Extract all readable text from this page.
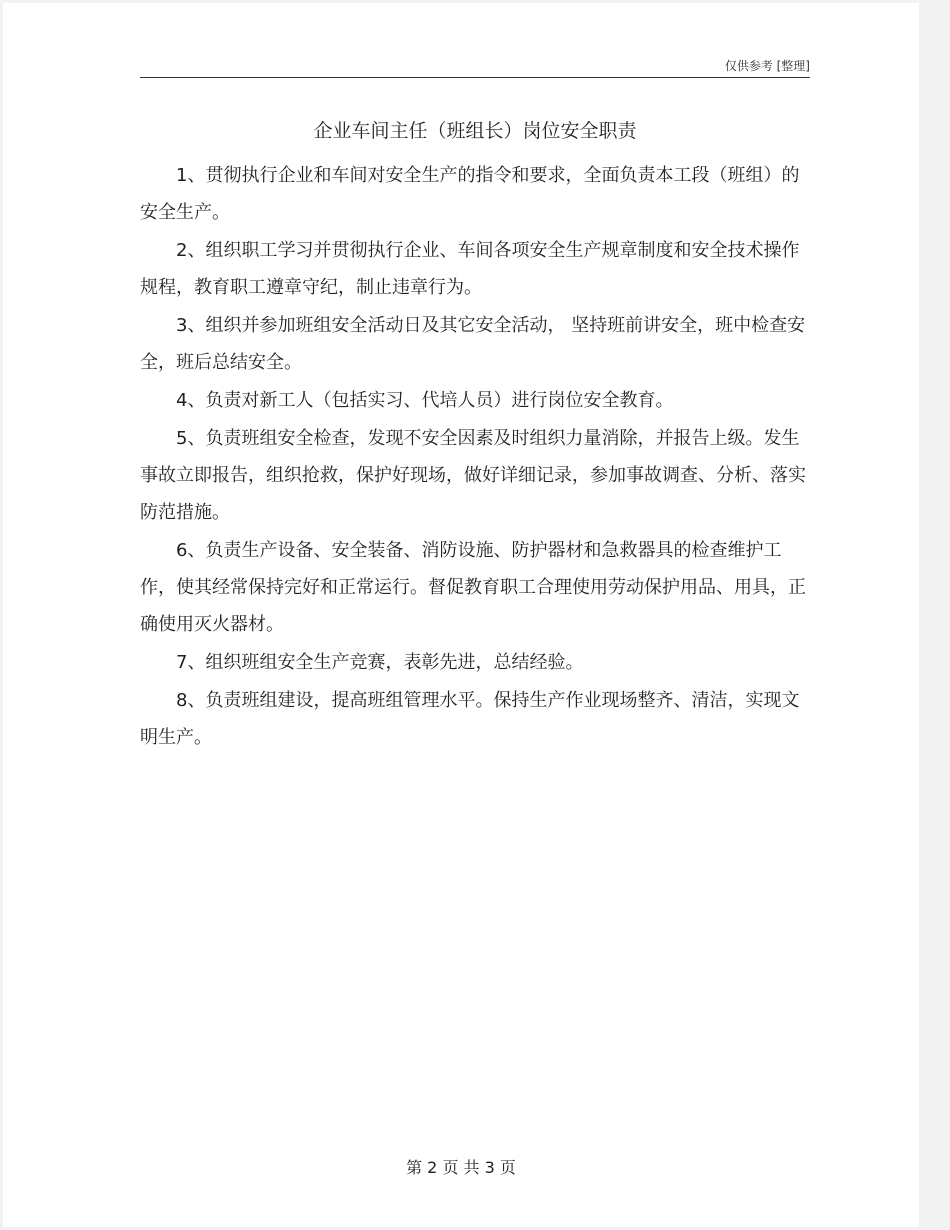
仅供参考 [整理]
企业车间主任（班组长）岗位安全职责

1、贯彻执行企业和车间对安全生产的指令和要求，全面负责本工段（班组）的安全生产。

2、组织职工学习并贯彻执行企业、车间各项安全生产规章制度和安全技术操作规程，教育职工遵章守纪，制止违章行为。

3、组织并参加班组安全活动日及其它安全活动， 坚持班前讲安全，班中检查安全，班后总结安全。

4、负责对新工人（包括实习、代培人员）进行岗位安全教育。

5、负责班组安全检查，发现不安全因素及时组织力量消除，并报告上级。发生事故立即报告，组织抢救，保护好现场，做好详细记录，参加事故调查、分析、落实防范措施。

6、负责生产设备、安全装备、消防设施、防护器材和急救器具的检查维护工作，使其经常保持完好和正常运行。督促教育职工合理使用劳动保护用品、用具，正确使用灭火器材。

7、组织班组安全生产竞赛，表彰先进，总结经验。

8、负责班组建设，提高班组管理水平。保持生产作业现场整齐、清洁，实现文明生产。

第 2 页 共 3 页
